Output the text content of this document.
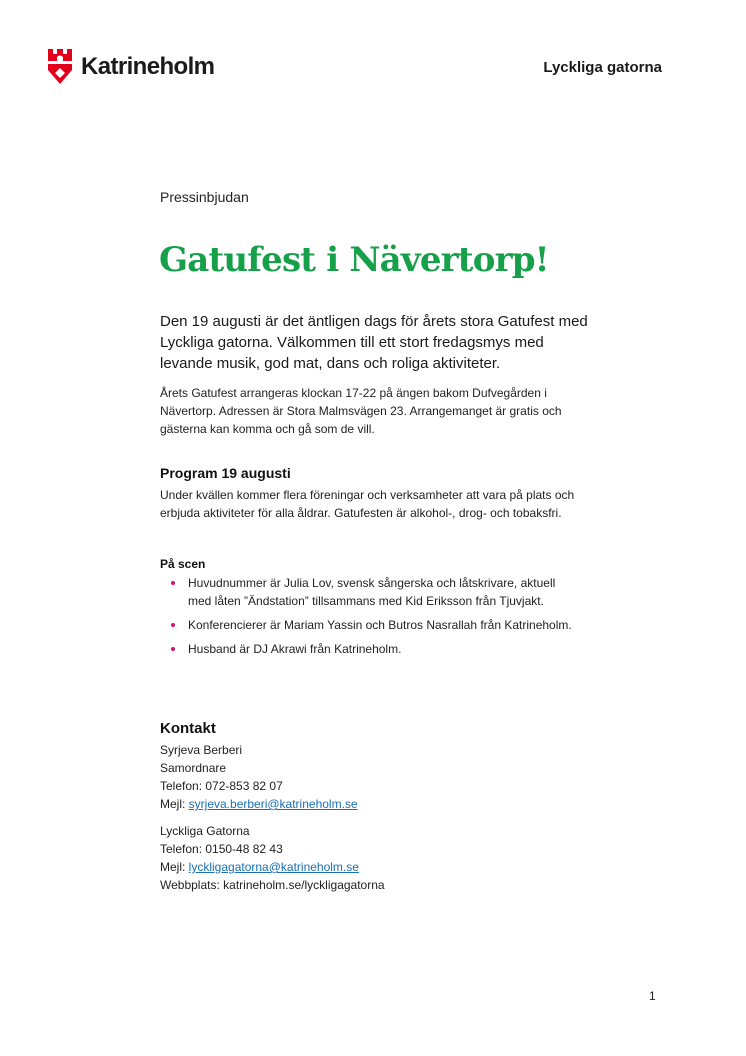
Katrineholm	Lyckliga gatorna
Pressinbjudan
Gatufest i Nävertorp!
Den 19 augusti är det äntligen dags för årets stora Gatufest med Lyckliga gatorna. Välkommen till ett stort fredagsmys med levande musik, god mat, dans och roliga aktiviteter.
Årets Gatufest arrangeras klockan 17-22 på ängen bakom Dufvegården i Nävertorp. Adressen är Stora Malmsvägen 23. Arrangemanget är gratis och gästerna kan komma och gå som de vill.
Program 19 augusti
Under kvällen kommer flera föreningar och verksamheter att vara på plats och erbjuda aktiviteter för alla åldrar. Gatufesten är alkohol-, drog- och tobaksfri.
På scen
Huvudnummer är Julia Lov, svensk sångerska och låtskrivare, aktuell med låten ”Ändstation” tillsammans med Kid Eriksson från Tjuvjakt.
Konferencierer är Mariam Yassin och Butros Nasrallah från Katrineholm.
Husband är DJ Akrawi från Katrineholm.
Kontakt
Syrjeva Berberi
Samordnare
Telefon: 072-853 82 07
Mejl: syrjeva.berberi@katrineholm.se
Lyckliga Gatorna
Telefon: 0150-48 82 43
Mejl: lyckligagatorna@katrineholm.se
Webbplats: katrineholm.se/lyckligagatorna
1
